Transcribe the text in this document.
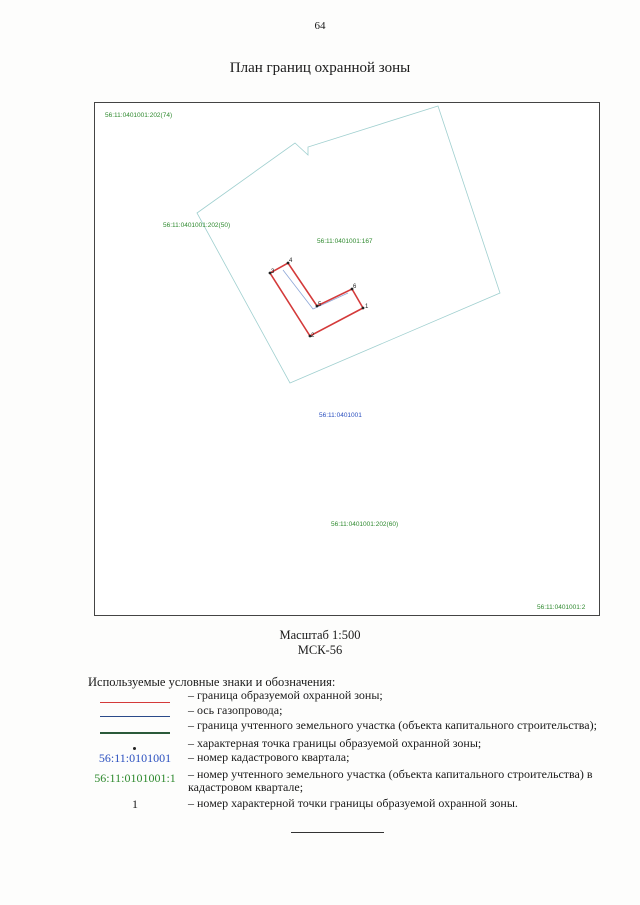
64
План границ охранной зоны
56:11:0401001:202(74)
56:11:0401001:202(50)
56:11:0401001:167
56:11:0401001
56:11:0401001:202(60)
56:11:0401001:2
1
2
3
4
5
6
Масштаб 1:500
МСК-56
Используемые условные знаки и обозначения:
– граница образуемой охранной зоны;
– ось газопровода;
– граница учтенного земельного участка (объекта капитального строительства);
– характерная точка границы образуемой охранной зоны;
56:11:0101001	– номер кадастрового квартала;
56:11:0101001:1	– номер учтенного земельного участка (объекта капитального строительства) в кадастровом квартале;
1	– номер характерной точки границы образуемой охранной зоны.
